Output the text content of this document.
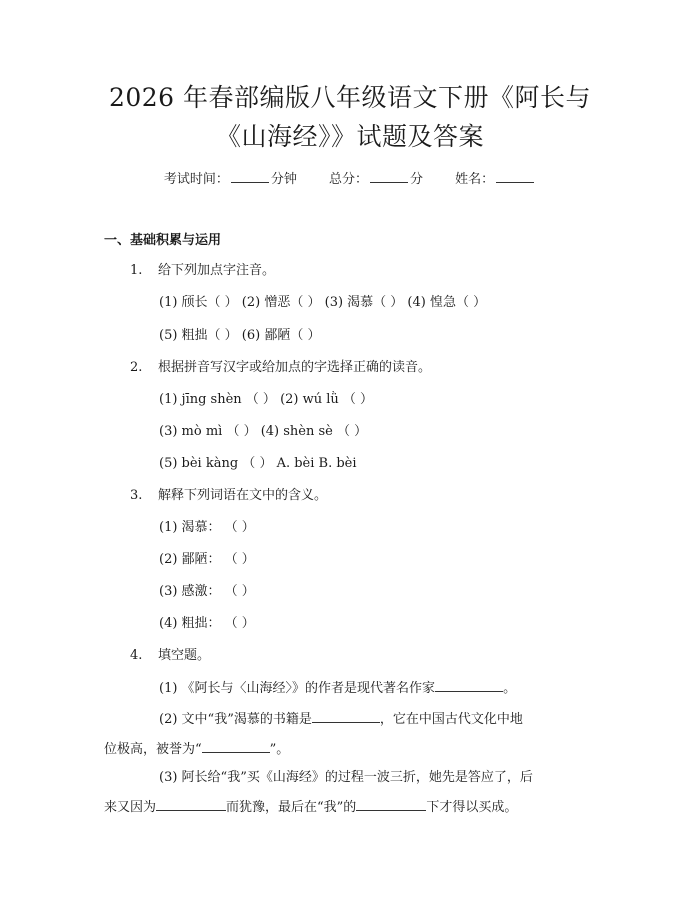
2026 年春部编版八年级语文下册《阿长与
《山海经》》试题及答案
考试时间：	分钟 总分：	分 姓名：
一、基础积累与运用
1. 给下列加点字注音。
(1) 颀长（ ） (2) 憎恶（ ） (3) 渴慕（ ） (4) 惶急（ ）
(5) 粗拙（ ） (6) 鄙陋（ ）
2. 根据拼音写汉字或给加点的字选择正确的读音。
(1) jīng shèn （ ） (2) wú lǜ （ ）
(3) mò mì （ ） (4) shèn sè （ ）
(5) bèi kàng （ ） A. bèi B. bèi
3. 解释下列词语在文中的含义。
(1) 渴慕： （ ）
(2) 鄙陋： （ ）
(3) 感激： （ ）
(4) 粗拙： （ ）
4. 填空题。
(1) 《阿长与〈山海经〉》的作者是现代著名作家	。
(2) 文中“我”渴慕的书籍是	，它在中国古代文化中地位极高，被誉为“	”。
(3) 阿长给“我”买《山海经》的过程一波三折，她先是答应了，后来又因为	而犹豫，最后在“我”的	下才得以买成。
